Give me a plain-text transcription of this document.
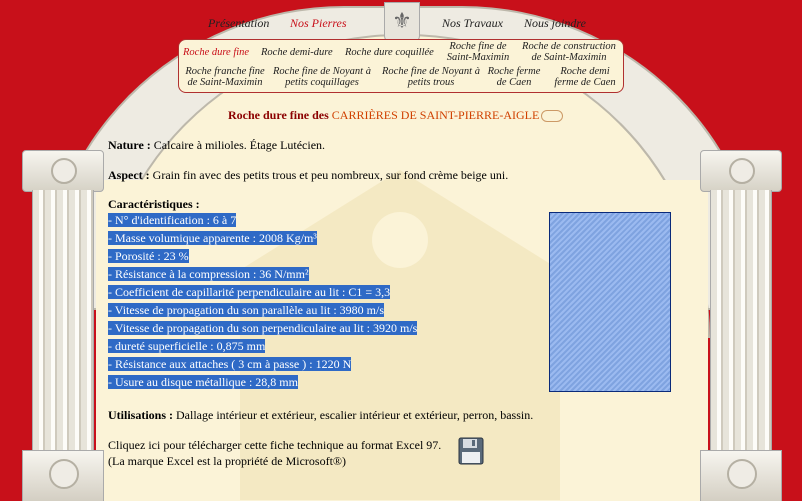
⚜
Présentation Nos Pierres	Nos Travaux Nous joindre
Roche dure fine Roche demi-dure Roche dure coquillée
Roche fine de Saint-Maximin
Roche de construction de Saint-Maximin
Roche franche fine de Saint-Maximin
Roche fine de Noyant à petits coquillages
Roche fine de Noyant à petits trous
Roche ferme de Caen
Roche demi ferme de Caen
Roche dure fine des CARRIÈRES DE SAINT-PIERRE-AIGLE
Nature : Calcaire à milioles. Étage Lutécien.
Aspect : Grain fin avec des petits trous et peu nombreux, sur fond crème beige uni.
Caractéristiques :
- N° d'identification : 6 à 7
- Masse volumique apparente : 2008 Kg/m³
- Porosité : 23 %
- Résistance à la compression : 36 N/mm²
- Coefficient de capillarité perpendiculaire au lit : C1 = 3,3
- Vitesse de propagation du son parallèle au lit : 3980 m/s
- Vitesse de propagation du son perpendiculaire au lit : 3920 m/s
- dureté superficielle : 0,875 mm
- Résistance aux attaches ( 3 cm à passe ) : 1220 N
- Usure au disque métallique : 28,8 mm
Utilisations : Dallage intérieur et extérieur, escalier intérieur et extérieur, perron, bassin.
Cliquez ici pour télécharger cette fiche technique au format Excel 97.
(La marque Excel est la propriété de Microsoft®)
